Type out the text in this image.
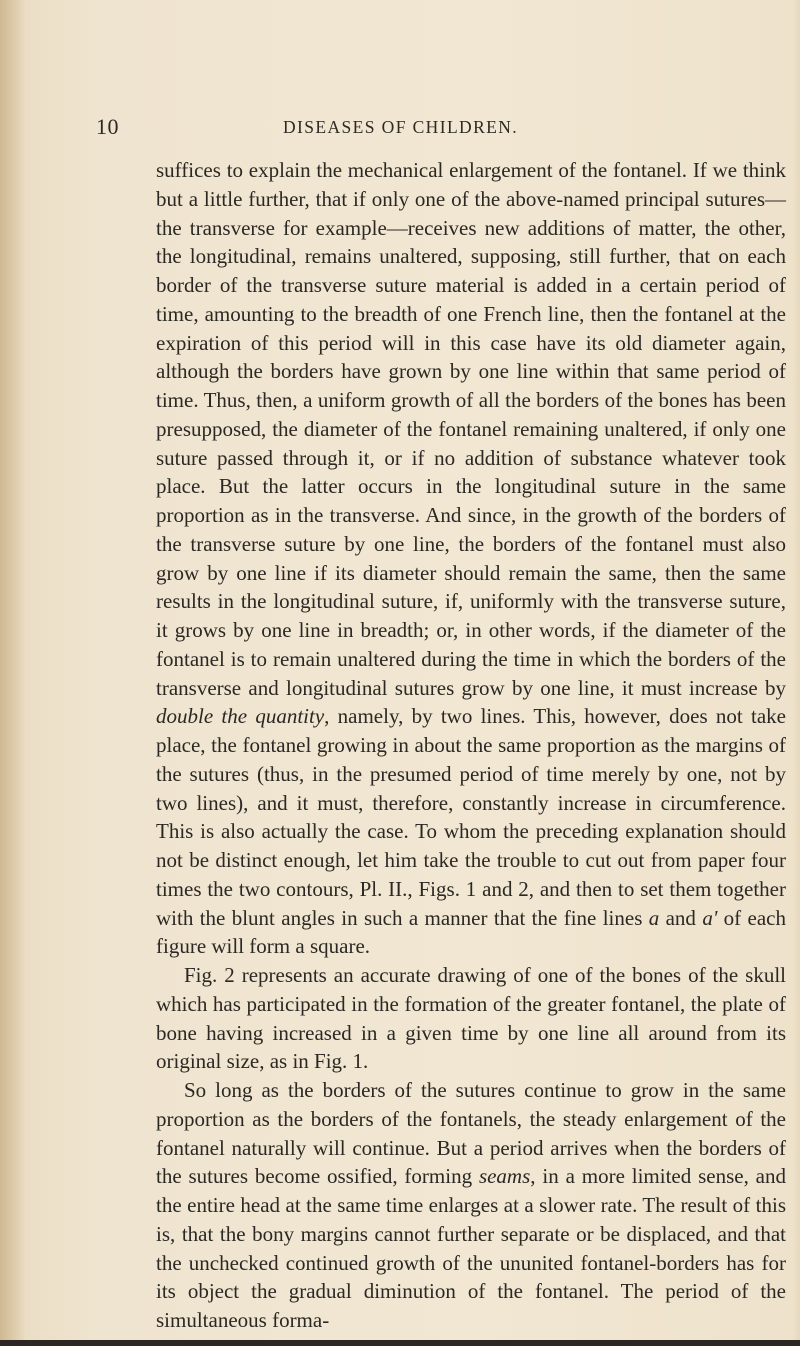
10	DISEASES OF CHILDREN.

suffices to explain the mechanical enlargement of the fontanel. If we think but a little further, that if only one of the above-named principal sutures—the transverse for example—receives new additions of matter, the other, the longitudinal, remains unaltered, supposing, still further, that on each border of the transverse suture material is added in a certain period of time, amounting to the breadth of one French line, then the fontanel at the expiration of this period will in this case have its old diameter again, although the borders have grown by one line within that same period of time. Thus, then, a uniform growth of all the borders of the bones has been presupposed, the diameter of the fontanel remaining unaltered, if only one suture passed through it, or if no addition of substance whatever took place. But the latter occurs in the longitudinal suture in the same proportion as in the transverse. And since, in the growth of the borders of the transverse suture by one line, the borders of the fontanel must also grow by one line if its diameter should remain the same, then the same results in the longitudinal suture, if, uniformly with the transverse suture, it grows by one line in breadth; or, in other words, if the diameter of the fontanel is to remain unaltered during the time in which the borders of the transverse and longitudinal sutures grow by one line, it must increase by double the quantity, namely, by two lines. This, however, does not take place, the fontanel growing in about the same proportion as the margins of the sutures (thus, in the presumed period of time merely by one, not by two lines), and it must, therefore, constantly increase in circumference. This is also actually the case. To whom the preceding explanation should not be distinct enough, let him take the trouble to cut out from paper four times the two contours, Pl. II., Figs. 1 and 2, and then to set them together with the blunt angles in such a manner that the fine lines a and a' of each figure will form a square.

Fig. 2 represents an accurate drawing of one of the bones of the skull which has participated in the formation of the greater fontanel, the plate of bone having increased in a given time by one line all around from its original size, as in Fig. 1.

So long as the borders of the sutures continue to grow in the same proportion as the borders of the fontanels, the steady enlargement of the fontanel naturally will continue. But a period arrives when the borders of the sutures become ossified, forming seams, in a more limited sense, and the entire head at the same time enlarges at a slower rate. The result of this is, that the bony margins cannot further separate or be displaced, and that the unchecked continued growth of the ununited fontanel-borders has for its object the gradual diminution of the fontanel. The period of the simultaneous forma-
